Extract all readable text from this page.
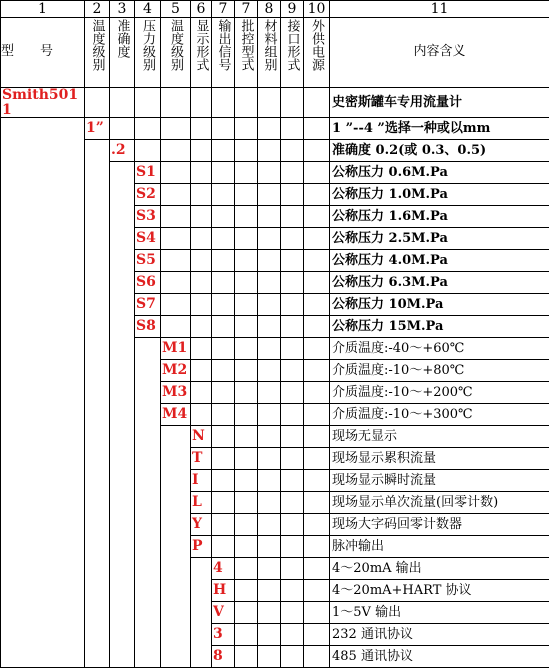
1	2	3	4	5	6	7	7	8	9	10	11

型　　号	温度级别	准确度	压力级别	温度级别	显示形式	输出信号	批控型式	材料组别	接口形式	外供电源	内容含义

Smith5011											史密斯罐车专用流量计
	1”										1 ”--4 ”选择一种或以mm
		.2									准确度 0.2(或 0.3、0.5)
			S1								公称压力 0.6M.Pa
			S2								公称压力 1.0M.Pa
			S3								公称压力 1.6M.Pa
			S4								公称压力 2.5M.Pa
			S5								公称压力 4.0M.Pa
			S6								公称压力 6.3M.Pa
			S7								公称压力 10M.Pa
			S8								公称压力 15M.Pa
				M1							介质温度:-40～+60℃
				M2							介质温度:-10～+80℃
				M3							介质温度:-10～+200℃
				M4							介质温度:-10～+300℃
					N						现场无显示
					T						现场显示累积流量
					I						现场显示瞬时流量
					L						现场显示单次流量(回零计数)
					Y						现场大字码回零计数器
					P						脉冲输出
						4					4～20mA 输出
						H					4～20mA+HART 协议
						V					1～5V 输出
						3					232 通讯协议
						8					485 通讯协议
